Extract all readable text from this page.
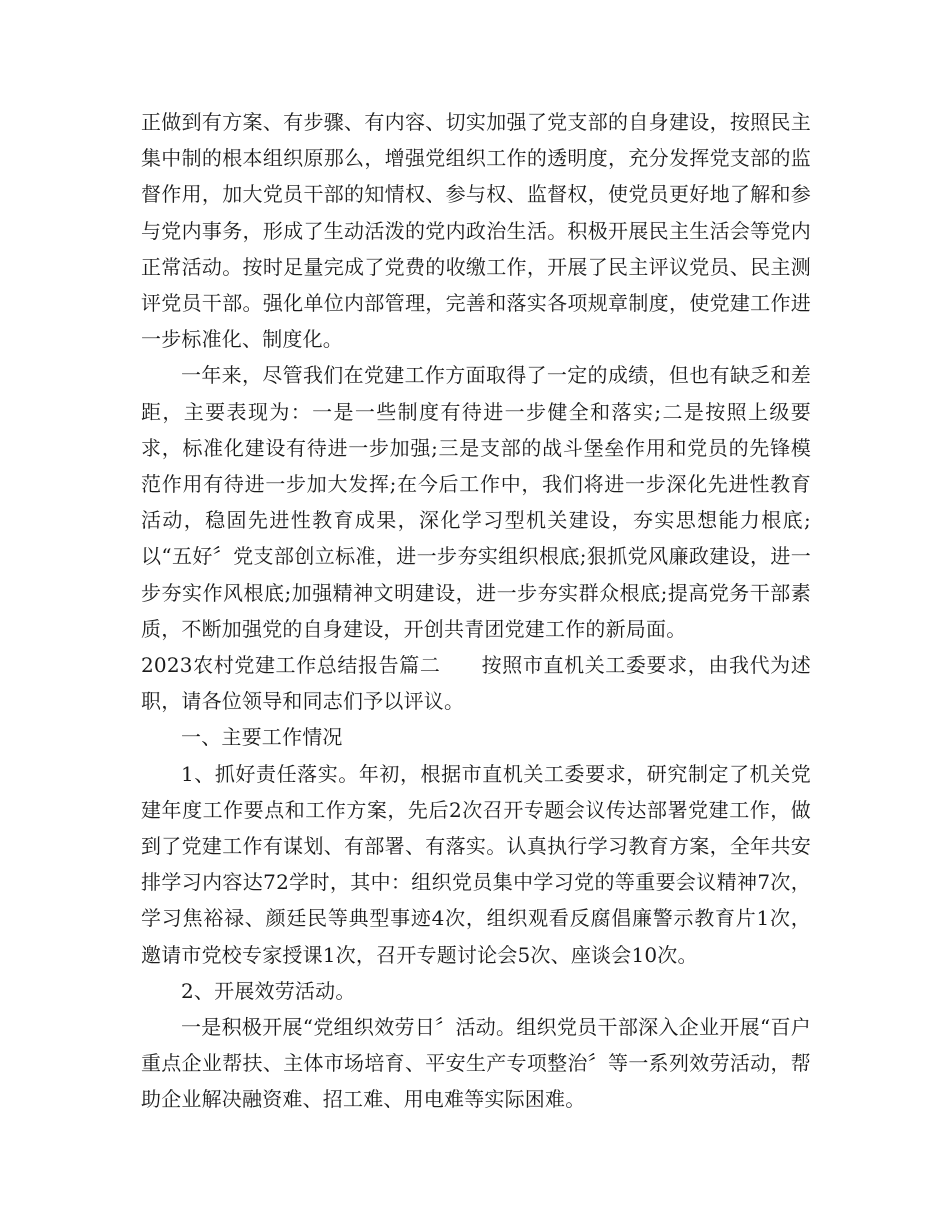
正做到有方案、有步骤、有内容、切实加强了党支部的自身建设，按照民主集中制的根本组织原那么，增强党组织工作的透明度，充分发挥党支部的监督作用，加大党员干部的知情权、参与权、监督权，使党员更好地了解和参与党内事务，形成了生动活泼的党内政治生活。积极开展民主生活会等党内正常活动。按时足量完成了党费的收缴工作，开展了民主评议党员、民主测评党员干部。强化单位内部管理，完善和落实各项规章制度，使党建工作进一步标准化、制度化。

一年来，尽管我们在党建工作方面取得了一定的成绩，但也有缺乏和差距，主要表现为：一是一些制度有待进一步健全和落实;二是按照上级要求，标准化建设有待进一步加强;三是支部的战斗堡垒作用和党员的先锋模范作用有待进一步加大发挥;在今后工作中，我们将进一步深化先进性教育活动，稳固先进性教育成果，深化学习型机关建设，夯实思想能力根底;以“五好〞党支部创立标准，进一步夯实组织根底;狠抓党风廉政建设，进一步夯实作风根底;加强精神文明建设，进一步夯实群众根底;提高党务干部素质，不断加强党的自身建设，开创共青团党建工作的新局面。

2023农村党建工作总结报告篇二　　按照市直机关工委要求，由我代为述职，请各位领导和同志们予以评议。

一、主要工作情况

1、抓好责任落实。年初，根据市直机关工委要求，研究制定了机关党建年度工作要点和工作方案，先后2次召开专题会议传达部署党建工作，做到了党建工作有谋划、有部署、有落实。认真执行学习教育方案，全年共安排学习内容达72学时，其中：组织党员集中学习党的等重要会议精神7次，学习焦裕禄、颜廷民等典型事迹4次，组织观看反腐倡廉警示教育片1次，邀请市党校专家授课1次，召开专题讨论会5次、座谈会10次。

2、开展效劳活动。

一是积极开展“党组织效劳日〞活动。组织党员干部深入企业开展“百户重点企业帮扶、主体市场培育、平安生产专项整治〞等一系列效劳活动，帮助企业解决融资难、招工难、用电难等实际困难。
